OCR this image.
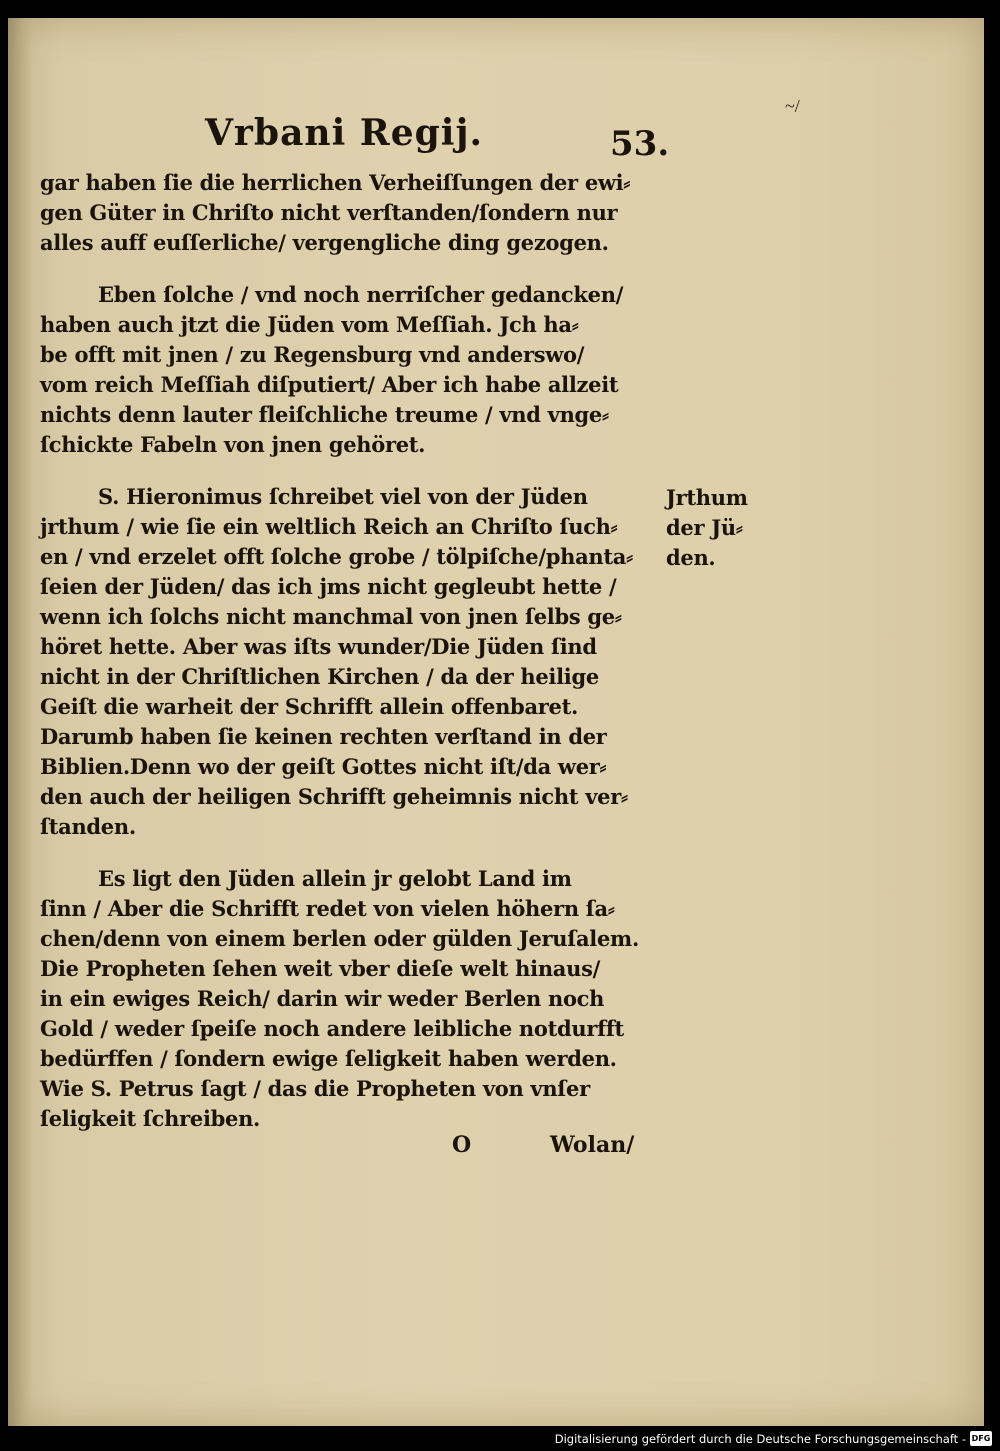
Vrbani Regij.	53.
~/
gar haben ſie die herrlichen Verheiſſungen der ewi⸗
gen Güter in Chriſto nicht verſtanden/ſondern nur
alles auff euſſerliche/ vergengliche ding gezogen.
Eben ſolche / vnd noch nerriſcher gedancken/
haben auch jtzt die Jüden vom Meſſiah. Jch ha⸗
be offt mit jnen / zu Regensburg vnd anderswo/
vom reich Meſſiah diſputiert/ Aber ich habe allzeit
nichts denn lauter fleiſchliche treume / vnd vnge⸗
ſchickte Fabeln von jnen gehöret.
S. Hieronimus ſchreibet viel von der Jüden
jrthum / wie ſie ein weltlich Reich an Chriſto ſuch⸗
en / vnd erzelet offt ſolche grobe / tölpiſche/phanta⸗
ſeien der Jüden/ das ich jms nicht gegleubt hette /
wenn ich ſolchs nicht manchmal von jnen ſelbs ge⸗
höret hette. Aber was iſts wunder/Die Jüden ſind
nicht in der Chriſtlichen Kirchen / da der heilige
Geiſt die warheit der Schrifft allein offenbaret.
Darumb haben ſie keinen rechten verſtand in der
Biblien.Denn wo der geiſt Gottes nicht iſt/da wer⸗
den auch der heiligen Schrifft geheimnis nicht ver⸗
ſtanden.
Es ligt den Jüden allein jr gelobt Land im
ſinn / Aber die Schrifft redet von vielen höhern ſa⸗
chen/denn von einem berlen oder gülden Jeruſalem.
Die Propheten ſehen weit vber dieſe welt hinaus/
in ein ewiges Reich/ darin wir weder Berlen noch
Gold / weder ſpeiſe noch andere leibliche notdurfft
bedürffen / ſondern ewige ſeligkeit haben werden.
Wie S. Petrus ſagt / das die Propheten von vnſer
ſeligkeit ſchreiben.
Jrthum
der Jü⸗
den.
O	Wolan/
Digitalisierung gefördert durch die Deutsche Forschungsgemeinschaft - DFG
